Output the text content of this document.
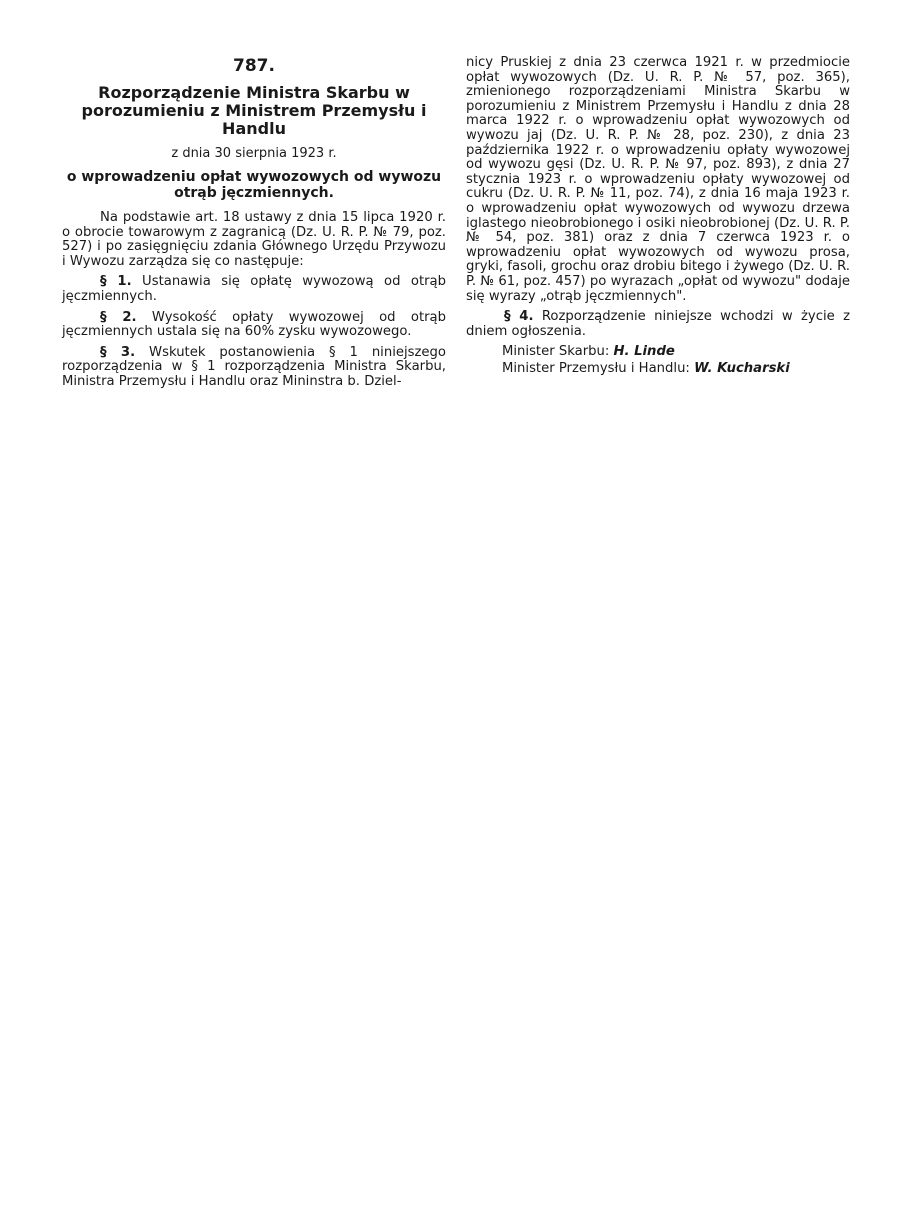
787.
Rozporządzenie Ministra Skarbu w porozumieniu z Ministrem Przemysłu i Handlu
z dnia 30 sierpnia 1923 r.
o wprowadzeniu opłat wywozowych od wywozu otrąb jęczmiennych.

Na podstawie art. 18 ustawy z dnia 15 lipca 1920 r. o obrocie towarowym z zagranicą (Dz. U. R. P. № 79, poz. 527) i po zasięgnięciu zdania Głównego Urzędu Przywozu i Wywozu zarządza się co następuje:

§ 1. Ustanawia się opłatę wywozową od otrąb jęczmiennych.

§ 2. Wysokość opłaty wywozowej od otrąb jęczmiennych ustala się na 60% zysku wywozowego.

§ 3. Wskutek postanowienia § 1 niniejszego rozporządzenia w § 1 rozporządzenia Ministra Skarbu, Ministra Przemysłu i Handlu oraz Mininstra b. Dziel-

nicy Pruskiej z dnia 23 czerwca 1921 r. w przedmiocie opłat wywozowych (Dz. U. R. P. № 57, poz. 365), zmienionego rozporządzeniami Ministra Skarbu w porozumieniu z Ministrem Przemysłu i Handlu z dnia 28 marca 1922 r. o wprowadzeniu opłat wywozowych od wywozu jaj (Dz. U. R. P. № 28, poz. 230), z dnia 23 października 1922 r. o wprowadzeniu opłaty wywozowej od wywozu gęsi (Dz. U. R. P. № 97, poz. 893), z dnia 27 stycznia 1923 r. o wprowadzeniu opłaty wywozowej od cukru (Dz. U. R. P. № 11, poz. 74), z dnia 16 maja 1923 r. o wprowadzeniu opłat wywozowych od wywozu drzewa iglastego nieobrobionego i osiki nieobrobionej (Dz. U. R. P. № 54, poz. 381) oraz z dnia 7 czerwca 1923 r. o wprowadzeniu opłat wywozowych od wywozu prosa, gryki, fasoli, grochu oraz drobiu bitego i żywego (Dz. U. R. P. № 61, poz. 457) po wyrazach „opłat od wywozu" dodaje się wyrazy „otrąb jęczmiennych".

§ 4. Rozporządzenie niniejsze wchodzi w życie z dniem ogłoszenia.

Minister Skarbu: H. Linde

Minister Przemysłu i Handlu: W. Kucharski
